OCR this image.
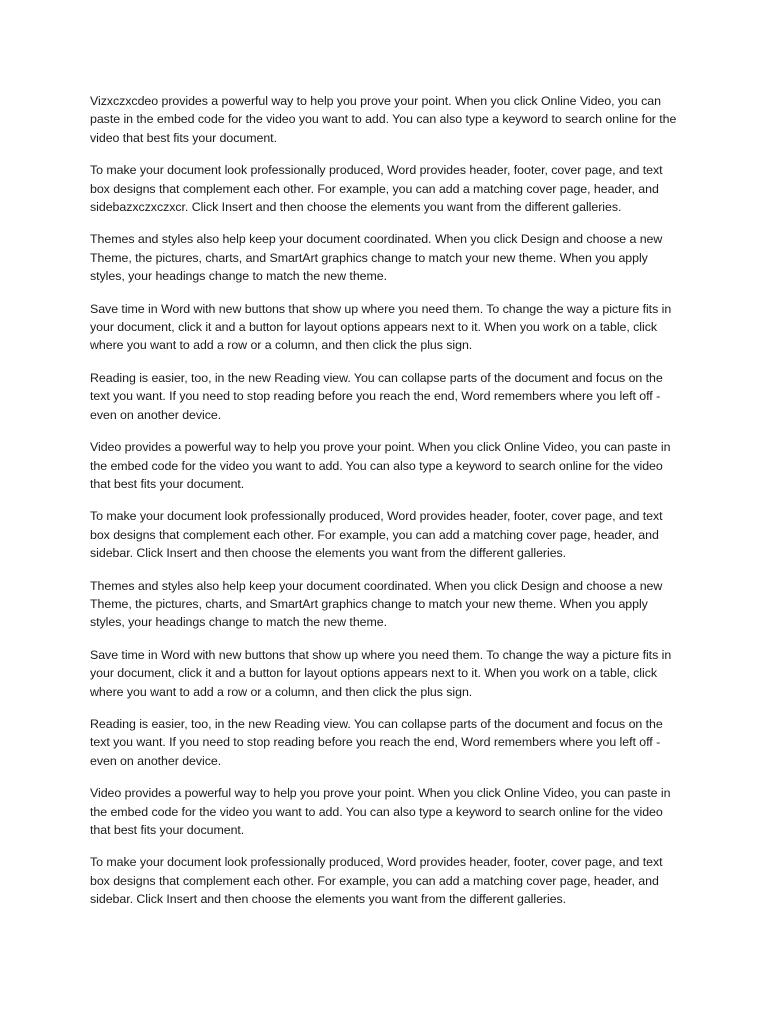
Vizxczxcdeo provides a powerful way to help you prove your point. When you click Online Video, you can paste in the embed code for the video you want to add. You can also type a keyword to search online for the video that best fits your document.

To make your document look professionally produced, Word provides header, footer, cover page, and text box designs that complement each other. For example, you can add a matching cover page, header, and sidebazxczxczxcr. Click Insert and then choose the elements you want from the different galleries.

Themes and styles also help keep your document coordinated. When you click Design and choose a new Theme, the pictures, charts, and SmartArt graphics change to match your new theme. When you apply styles, your headings change to match the new theme.

Save time in Word with new buttons that show up where you need them. To change the way a picture fits in your document, click it and a button for layout options appears next to it. When you work on a table, click where you want to add a row or a column, and then click the plus sign.

Reading is easier, too, in the new Reading view. You can collapse parts of the document and focus on the text you want. If you need to stop reading before you reach the end, Word remembers where you left off - even on another device.

Video provides a powerful way to help you prove your point. When you click Online Video, you can paste in the embed code for the video you want to add. You can also type a keyword to search online for the video that best fits your document.

To make your document look professionally produced, Word provides header, footer, cover page, and text box designs that complement each other. For example, you can add a matching cover page, header, and sidebar. Click Insert and then choose the elements you want from the different galleries.

Themes and styles also help keep your document coordinated. When you click Design and choose a new Theme, the pictures, charts, and SmartArt graphics change to match your new theme. When you apply styles, your headings change to match the new theme.

Save time in Word with new buttons that show up where you need them. To change the way a picture fits in your document, click it and a button for layout options appears next to it. When you work on a table, click where you want to add a row or a column, and then click the plus sign.

Reading is easier, too, in the new Reading view. You can collapse parts of the document and focus on the text you want. If you need to stop reading before you reach the end, Word remembers where you left off - even on another device.

Video provides a powerful way to help you prove your point. When you click Online Video, you can paste in the embed code for the video you want to add. You can also type a keyword to search online for the video that best fits your document.

To make your document look professionally produced, Word provides header, footer, cover page, and text box designs that complement each other. For example, you can add a matching cover page, header, and sidebar. Click Insert and then choose the elements you want from the different galleries.
